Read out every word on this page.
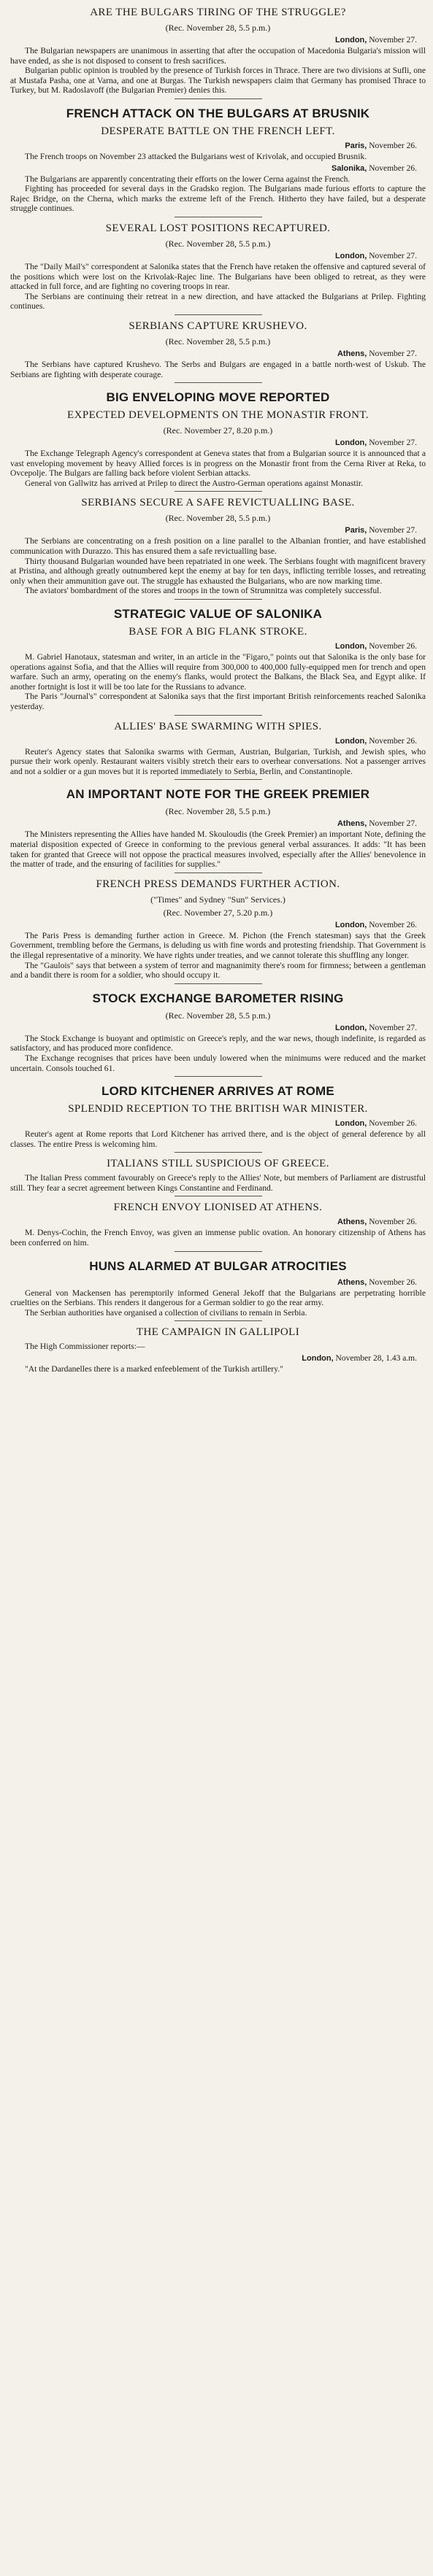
ARE THE BULGARS TIRING OF THE STRUGGLE?
(Rec. November 28, 5.5 p.m.)
London, November 27.

The Bulgarian newspapers are unanimous in asserting that after the occupation of Macedonia Bulgaria's mission will have ended, as she is not disposed to consent to fresh sacrifices.

Bulgarian public opinion is troubled by the presence of Turkish forces in Thrace. There are two divisions at Sufli, one at Mustafa Pasha, one at Varna, and one at Burgas. The Turkish newspapers claim that Germany has promised Thrace to Turkey, but M. Radoslavoff (the Bulgarian Premier) denies this.

FRENCH ATTACK ON THE BULGARS AT BRUSNIK
DESPERATE BATTLE ON THE FRENCH LEFT.
Paris, November 26.

The French troops on November 23 attacked the Bulgarians west of Krivolak, and occupied Brusnik.

Salonika, November 26.

The Bulgarians are apparently concentrating their efforts on the lower Cerna against the French.

Fighting has proceeded for several days in the Gradsko region. The Bulgarians made furious efforts to capture the Rajec Bridge, on the Cherna, which marks the extreme left of the French. Hitherto they have failed, but a desperate struggle continues.

SEVERAL LOST POSITIONS RECAPTURED.
(Rec. November 28, 5.5 p.m.)
London, November 27.

The "Daily Mail's" correspondent at Salonika states that the French have retaken the offensive and captured several of the positions which were lost on the Krivolak-Rajec line. The Bulgarians have been obliged to retreat, as they were attacked in full force, and are fighting no covering troops in rear.

The Serbians are continuing their retreat in a new direction, and have attacked the Bulgarians at Prilep. Fighting continues.

SERBIANS CAPTURE KRUSHEVO.
(Rec. November 28, 5.5 p.m.)
Athens, November 27.

The Serbians have captured Krushevo. The Serbs and Bulgars are engaged in a battle north-west of Uskub. The Serbians are fighting with desperate courage.

BIG ENVELOPING MOVE REPORTED
EXPECTED DEVELOPMENTS ON THE MONASTIR FRONT.
(Rec. November 27, 8.20 p.m.)
London, November 27.

The Exchange Telegraph Agency's correspondent at Geneva states that from a Bulgarian source it is announced that a vast enveloping movement by heavy Allied forces is in progress on the Monastir front from the Cerna River at Reka, to Ovcepolje. The Bulgars are falling back before violent Serbian attacks.

General von Gallwitz has arrived at Prilep to direct the Austro-German operations against Monastir.

SERBIANS SECURE A SAFE REVICTUALLING BASE.
(Rec. November 28, 5.5 p.m.)
Paris, November 27.

The Serbians are concentrating on a fresh position on a line parallel to the Albanian frontier, and have established communication with Durazzo. This has ensured them a safe revictualling base.

Thirty thousand Bulgarian wounded have been repatriated in one week. The Serbians fought with magnificent bravery at Pristina, and although greatly outnumbered kept the enemy at bay for ten days, inflicting terrible losses, and retreating only when their ammunition gave out. The struggle has exhausted the Bulgarians, who are now marking time.

The aviators' bombardment of the stores and troops in the town of Strumnitza was completely successful.

STRATEGIC VALUE OF SALONIKA
BASE FOR A BIG FLANK STROKE.
London, November 26.

M. Gabriel Hanotaux, statesman and writer, in an article in the "Figaro," points out that Salonika is the only base for operations against Sofia, and that the Allies will require from 300,000 to 400,000 fully-equipped men for trench and open warfare. Such an army, operating on the enemy's flanks, would protect the Balkans, the Black Sea, and Egypt alike. If another fortnight is lost it will be too late for the Russians to advance.

The Paris "Journal's" correspondent at Salonika says that the first important British reinforcements reached Salonika yesterday.

ALLIES' BASE SWARMING WITH SPIES.
London, November 26.

Reuter's Agency states that Salonika swarms with German, Austrian, Bulgarian, Turkish, and Jewish spies, who pursue their work openly. Restaurant waiters visibly stretch their ears to overhear conversations. Not a passenger arrives and not a soldier or a gun moves but it is reported immediately to Serbia, Berlin, and Constantinople.

AN IMPORTANT NOTE FOR THE GREEK PREMIER
(Rec. November 28, 5.5 p.m.)
Athens, November 27.

The Ministers representing the Allies have handed M. Skouloudis (the Greek Premier) an important Note, defining the material disposition expected of Greece in conforming to the previous general verbal assurances. It adds: "It has been taken for granted that Greece will not oppose the practical measures involved, especially after the Allies' benevolence in the matter of trade, and the ensuring of facilities for supplies."

FRENCH PRESS DEMANDS FURTHER ACTION.
("Times" and Sydney "Sun" Services.)
(Rec. November 27, 5.20 p.m.)
London, November 26.

The Paris Press is demanding further action in Greece. M. Pichon (the French statesman) says that the Greek Government, trembling before the Germans, is deluding us with fine words and protesting friendship. That Government is the illegal representative of a minority. We have rights under treaties, and we cannot tolerate this shuffling any longer.

The "Gaulois" says that between a system of terror and magnanimity there's room for firmness; between a gentleman and a bandit there is room for a soldier, who should occupy it.

STOCK EXCHANGE BAROMETER RISING
(Rec. November 28, 5.5 p.m.)
London, November 27.

The Stock Exchange is buoyant and optimistic on Greece's reply, and the war news, though indefinite, is regarded as satisfactory, and has produced more confidence.

The Exchange recognises that prices have been unduly lowered when the minimums were reduced and the market uncertain. Consols touched 61.

LORD KITCHENER ARRIVES AT ROME
SPLENDID RECEPTION TO THE BRITISH WAR MINISTER.
London, November 26.

Reuter's agent at Rome reports that Lord Kitchener has arrived there, and is the object of general deference by all classes. The entire Press is welcoming him.

ITALIANS STILL SUSPICIOUS OF GREECE.

The Italian Press comment favourably on Greece's reply to the Allies' Note, but members of Parliament are distrustful still. They fear a secret agreement between Kings Constantine and Ferdinand.

FRENCH ENVOY LIONISED AT ATHENS.
Athens, November 26.

M. Denys-Cochin, the French Envoy, was given an immense public ovation. An honorary citizenship of Athens has been conferred on him.

HUNS ALARMED AT BULGAR ATROCITIES
Athens, November 26.

General von Mackensen has peremptorily informed General Jekoff that the Bulgarians are perpetrating horrible cruelties on the Serbians. This renders it dangerous for a German soldier to go the rear army.

The Serbian authorities have organised a collection of civilians to remain in Serbia.

THE CAMPAIGN IN GALLIPOLI

The High Commissioner reports:—

London, November 28, 1.43 a.m.

"At the Dardanelles there is a marked enfeeblement of the Turkish artillery."
